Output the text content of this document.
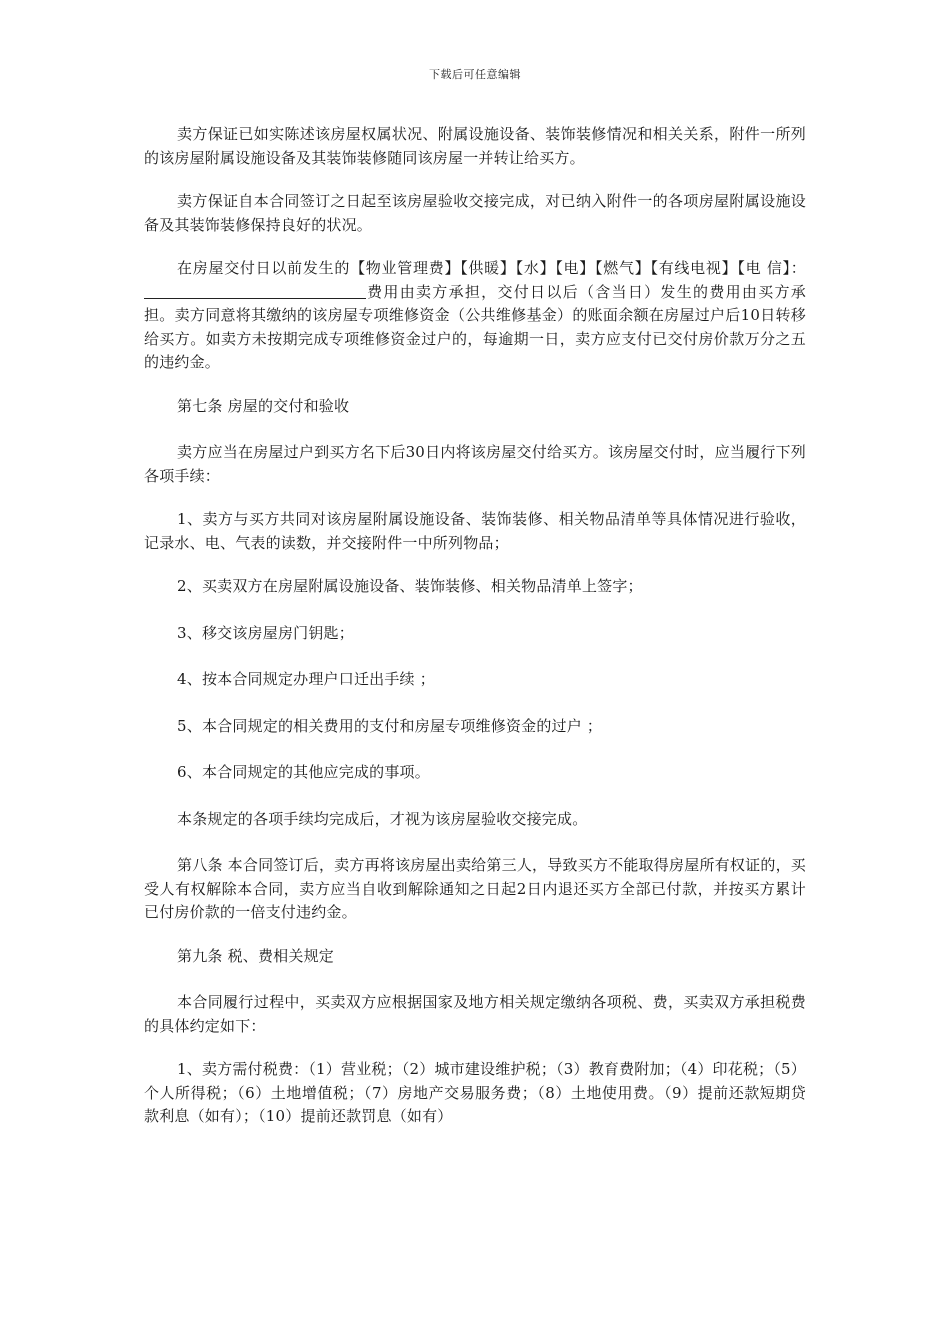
下载后可任意编辑

卖方保证已如实陈述该房屋权属状况、附属设施设备、装饰装修情况和相关关系，附件一所列的该房屋附属设施设备及其装饰装修随同该房屋一并转让给买方。

卖方保证自本合同签订之日起至该房屋验收交接完成，对已纳入附件一的各项房屋附属设施设备及其装饰装修保持良好的状况。

在房屋交付日以前发生的【物业管理费】【供暖】【水】【电】【燃气】【有线电视】【电 信】：费用由卖方承担，交付日以后（含当日）发生的费用由买方承担。卖方同意将其缴纳的该房屋专项维修资金（公共维修基金）的账面余额在房屋过户后10日转移给买方。如卖方未按期完成专项维修资金过户的，每逾期一日，卖方应支付已交付房价款万分之五的违约金。

第七条 房屋的交付和验收

卖方应当在房屋过户到买方名下后30日内将该房屋交付给买方。该房屋交付时，应当履行下列各项手续：

1、卖方与买方共同对该房屋附属设施设备、装饰装修、相关物品清单等具体情况进行验收，记录水、电、气表的读数，并交接附件一中所列物品；

2、买卖双方在房屋附属设施设备、装饰装修、相关物品清单上签字；

3、移交该房屋房门钥匙；

4、按本合同规定办理户口迁出手续 ；

5、本合同规定的相关费用的支付和房屋专项维修资金的过户 ；

6、本合同规定的其他应完成的事项。

本条规定的各项手续均完成后，才视为该房屋验收交接完成。

第八条 本合同签订后，卖方再将该房屋出卖给第三人，导致买方不能取得房屋所有权证的，买受人有权解除本合同，卖方应当自收到解除通知之日起2日内退还买方全部已付款，并按买方累计已付房价款的一倍支付违约金。

第九条 税、费相关规定

本合同履行过程中，买卖双方应根据国家及地方相关规定缴纳各项税、费，买卖双方承担税费的具体约定如下：

1、卖方需付税费：（1）营业税；（2）城市建设维护税；（3）教育费附加；（4）印花税；（5）个人所得税；（6）土地增值税；（7）房地产交易服务费；（8）土地使用费。（9）提前还款短期贷款利息（如有）；（10）提前还款罚息（如有）
